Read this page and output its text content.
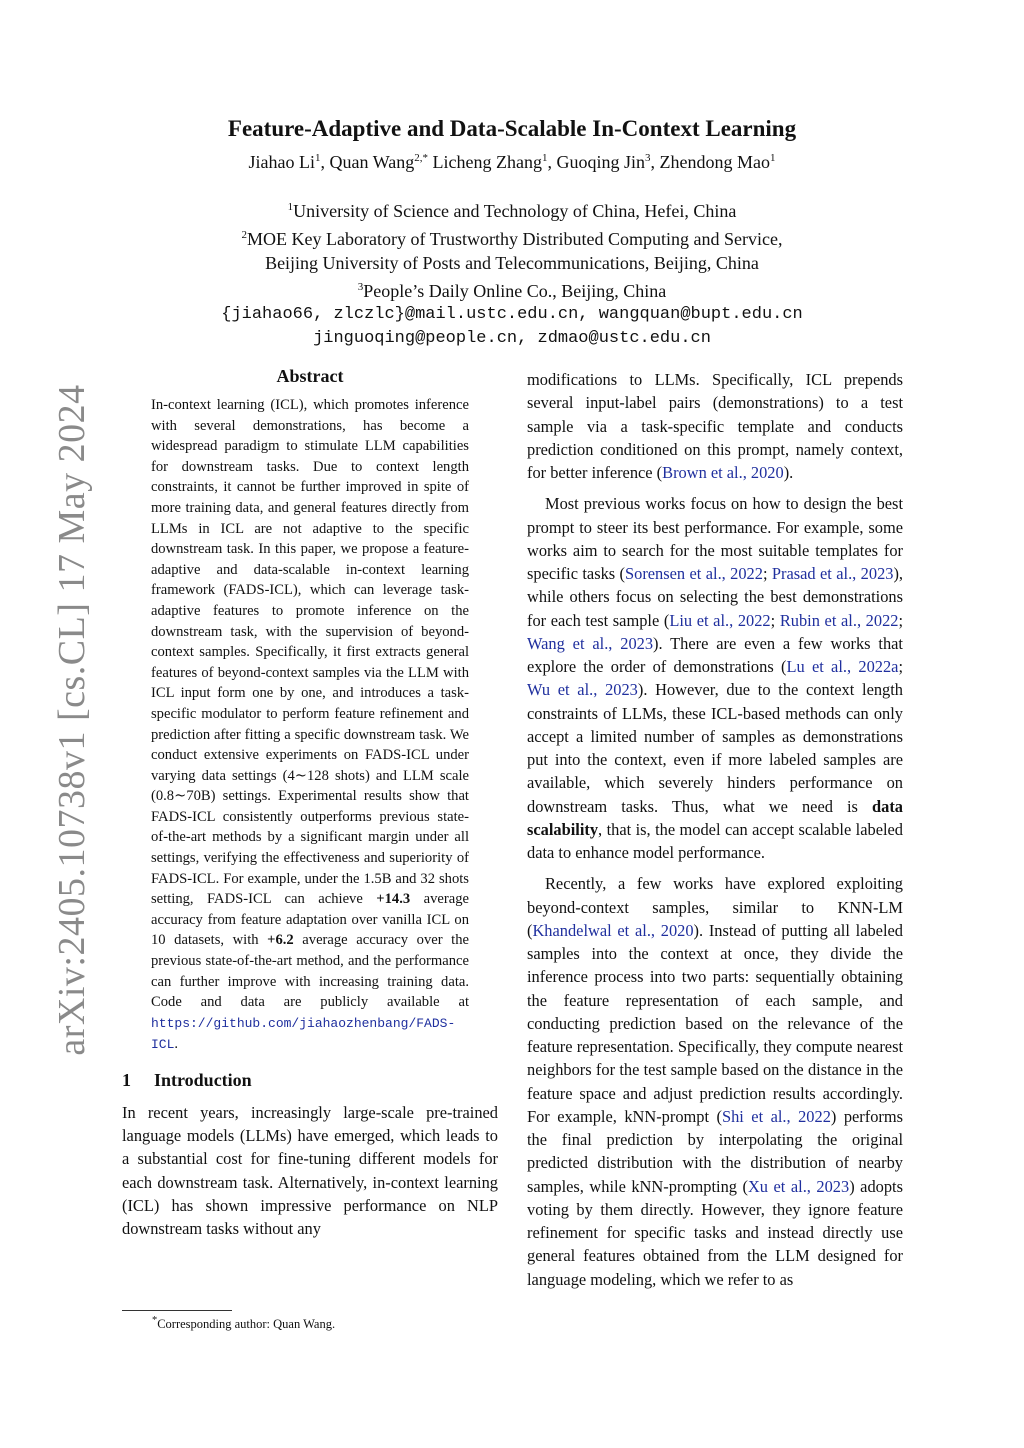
arXiv:2405.10738v1 [cs.CL] 17 May 2024
Feature-Adaptive and Data-Scalable In-Context Learning
Jiahao Li$^1$, Quan Wang$^{2,*}$ Licheng Zhang$^1$, Guoqing Jin$^3$, Zhendong Mao$^1$
$^1$University of Science and Technology of China, Hefei, China
$^2$MOE Key Laboratory of Trustworthy Distributed Computing and Service,
Beijing University of Posts and Telecommunications, Beijing, China
$^3$People’s Daily Online Co., Beijing, China
{jiahao66, zlczlc}@mail.ustc.edu.cn, wangquan@bupt.edu.cn
jinguoqing@people.cn, zdmao@ustc.edu.cn
Abstract
In-context learning (ICL), which promotes inference with several demonstrations, has become a widespread paradigm to stimulate LLM capabilities for downstream tasks. Due to context length constraints, it cannot be further improved in spite of more training data, and general features directly from LLMs in ICL are not adaptive to the specific downstream task. In this paper, we propose a feature-adaptive and data-scalable in-context learning framework (FADS-ICL), which can leverage task-adaptive features to promote inference on the downstream task, with the supervision of beyond-context samples. Specifically, it first extracts general features of beyond-context samples via the LLM with ICL input form one by one, and introduces a task-specific modulator to perform feature refinement and prediction after fitting a specific downstream task. We conduct extensive experiments on FADS-ICL under varying data settings (4∼128 shots) and LLM scale (0.8∼70B) settings. Experimental results show that FADS-ICL consistently outperforms previous state-of-the-art methods by a significant margin under all settings, verifying the effectiveness and superiority of FADS-ICL. For example, under the 1.5B and 32 shots setting, FADS-ICL can achieve +14.3 average accuracy from feature adaptation over vanilla ICL on 10 datasets, with +6.2 average accuracy over the previous state-of-the-art method, and the performance can further improve with increasing training data. Code and data are publicly available at https://github.com/jiahaozhenbang/FADS-ICL.
1 Introduction

In recent years, increasingly large-scale pre-trained language models (LLMs) have emerged, which leads to a substantial cost for fine-tuning different models for each downstream task. Alternatively, in-context learning (ICL) has shown impressive performance on NLP downstream tasks without any

*Corresponding author: Quan Wang.

modifications to LLMs. Specifically, ICL prepends several input-label pairs (demonstrations) to a test sample via a task-specific template and conducts prediction conditioned on this prompt, namely context, for better inference (Brown et al., 2020).

Most previous works focus on how to design the best prompt to steer its best performance. For example, some works aim to search for the most suitable templates for specific tasks (Sorensen et al., 2022; Prasad et al., 2023), while others focus on selecting the best demonstrations for each test sample (Liu et al., 2022; Rubin et al., 2022; Wang et al., 2023). There are even a few works that explore the order of demonstrations (Lu et al., 2022a; Wu et al., 2023). However, due to the context length constraints of LLMs, these ICL-based methods can only accept a limited number of samples as demonstrations put into the context, even if more labeled samples are available, which severely hinders performance on downstream tasks. Thus, what we need is data scalability, that is, the model can accept scalable labeled data to enhance model performance.

Recently, a few works have explored exploiting beyond-context samples, similar to KNN-LM (Khandelwal et al., 2020). Instead of putting all labeled samples into the context at once, they divide the inference process into two parts: sequentially obtaining the feature representation of each sample, and conducting prediction based on the relevance of the feature representation. Specifically, they compute nearest neighbors for the test sample based on the distance in the feature space and adjust prediction results accordingly. For example, kNN-prompt (Shi et al., 2022) performs the final prediction by interpolating the original predicted distribution with the distribution of nearby samples, while kNN-prompting (Xu et al., 2023) adopts voting by them directly. However, they ignore feature refinement for specific tasks and instead directly use general features obtained from the LLM designed for language modeling, which we refer to as
